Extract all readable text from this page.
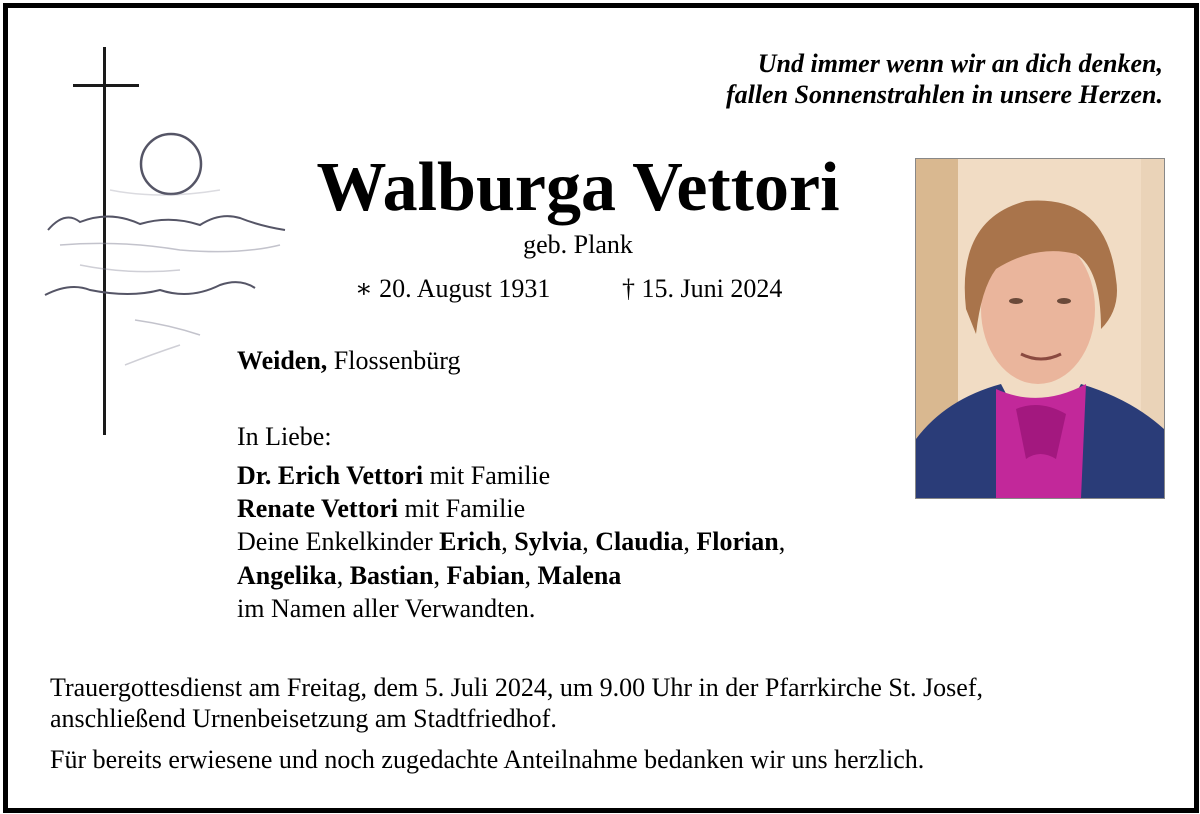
Und immer wenn wir an dich denken,
fallen Sonnenstrahlen in unsere Herzen.
Walburga Vettori
geb. Plank
∗ 20. August 1931	† 15. Juni 2024
Weiden, Flossenbürg
In Liebe:
Dr. Erich Vettori mit Familie
Renate Vettori mit Familie
Deine Enkelkinder Erich, Sylvia, Claudia, Florian,
Angelika, Bastian, Fabian, Malena
im Namen aller Verwandten.
Trauergottesdienst am Freitag, dem 5. Juli 2024, um 9.00 Uhr in der Pfarrkirche St. Josef,
anschließend Urnenbeisetzung am Stadtfriedhof.
Für bereits erwiesene und noch zugedachte Anteilnahme bedanken wir uns herzlich.
